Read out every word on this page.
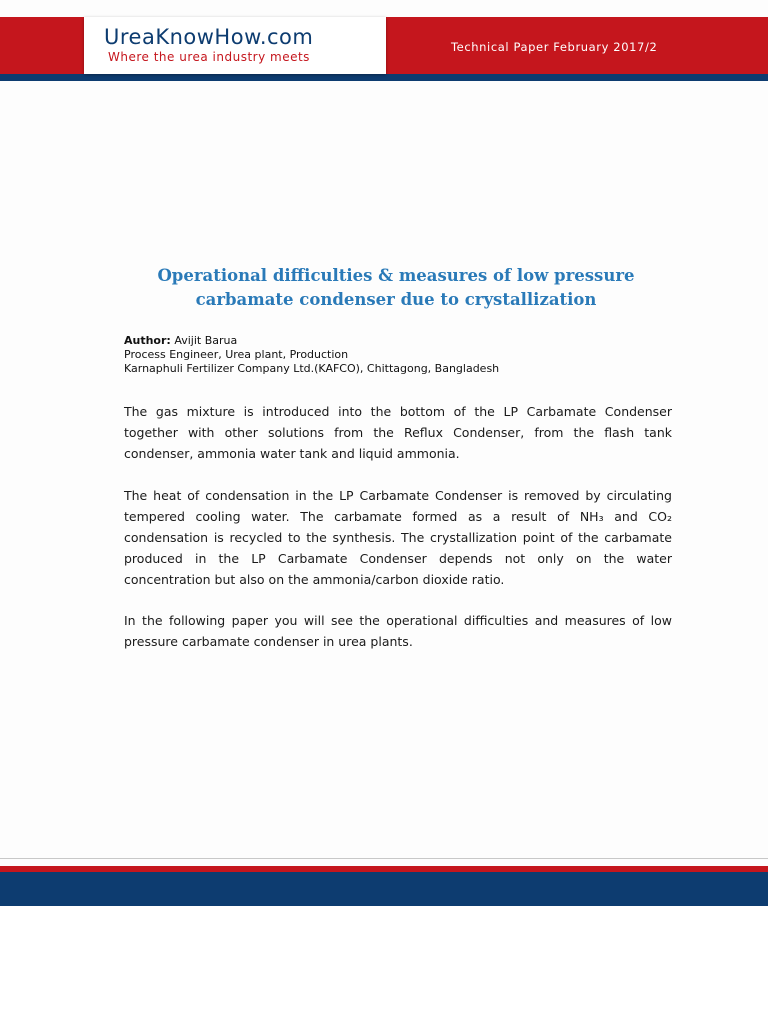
UreaKnowHow.com
Where the urea industry meets
Technical Paper February 2017/2
Operational difficulties & measures of low pressure
carbamate condenser due to crystallization
Author: Avijit Barua
Process Engineer, Urea plant, Production
Karnaphuli Fertilizer Company Ltd.(KAFCO), Chittagong, Bangladesh

The gas mixture is introduced into the bottom of the LP Carbamate Condenser together with other solutions from the Reflux Condenser, from the flash tank condenser, ammonia water tank and liquid ammonia.

The heat of condensation in the LP Carbamate Condenser is removed by circulating tempered cooling water. The carbamate formed as a result of NH₃ and CO₂ condensation is recycled to the synthesis. The crystallization point of the carbamate produced in the LP Carbamate Condenser depends not only on the water concentration but also on the ammonia/carbon dioxide ratio.

In the following paper you will see the operational difficulties and measures of low pressure carbamate condenser in urea plants.
